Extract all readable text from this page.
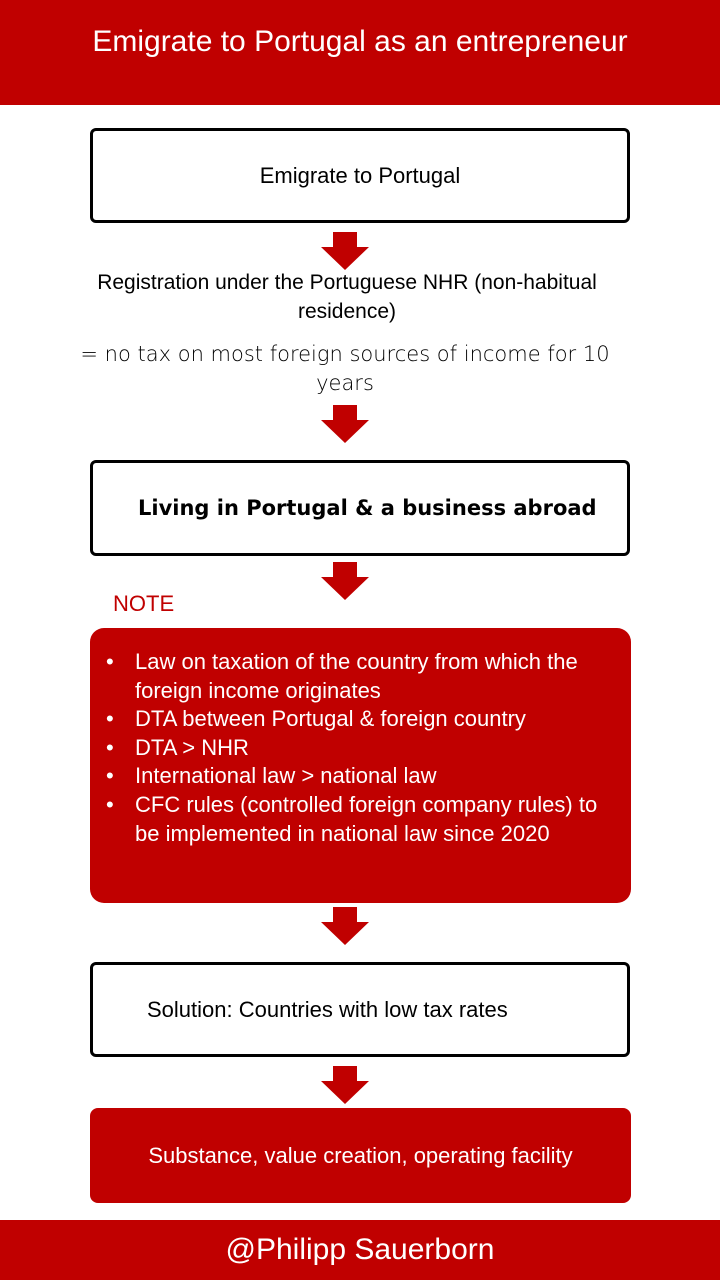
Emigrate to Portugal as an entrepreneur
Emigrate to Portugal
Registration under the Portuguese NHR (non-habitual residence)
= no tax on most foreign sources of income for 10 years
Living in Portugal & a business abroad
NOTE
• Law on taxation of the country from which the foreign income originates
• DTA between Portugal & foreign country
• DTA > NHR
• International law > national law
• CFC rules (controlled foreign company rules) to be implemented in national law since 2020
Solution: Countries with low tax rates
Substance, value creation, operating facility
@Philipp Sauerborn
